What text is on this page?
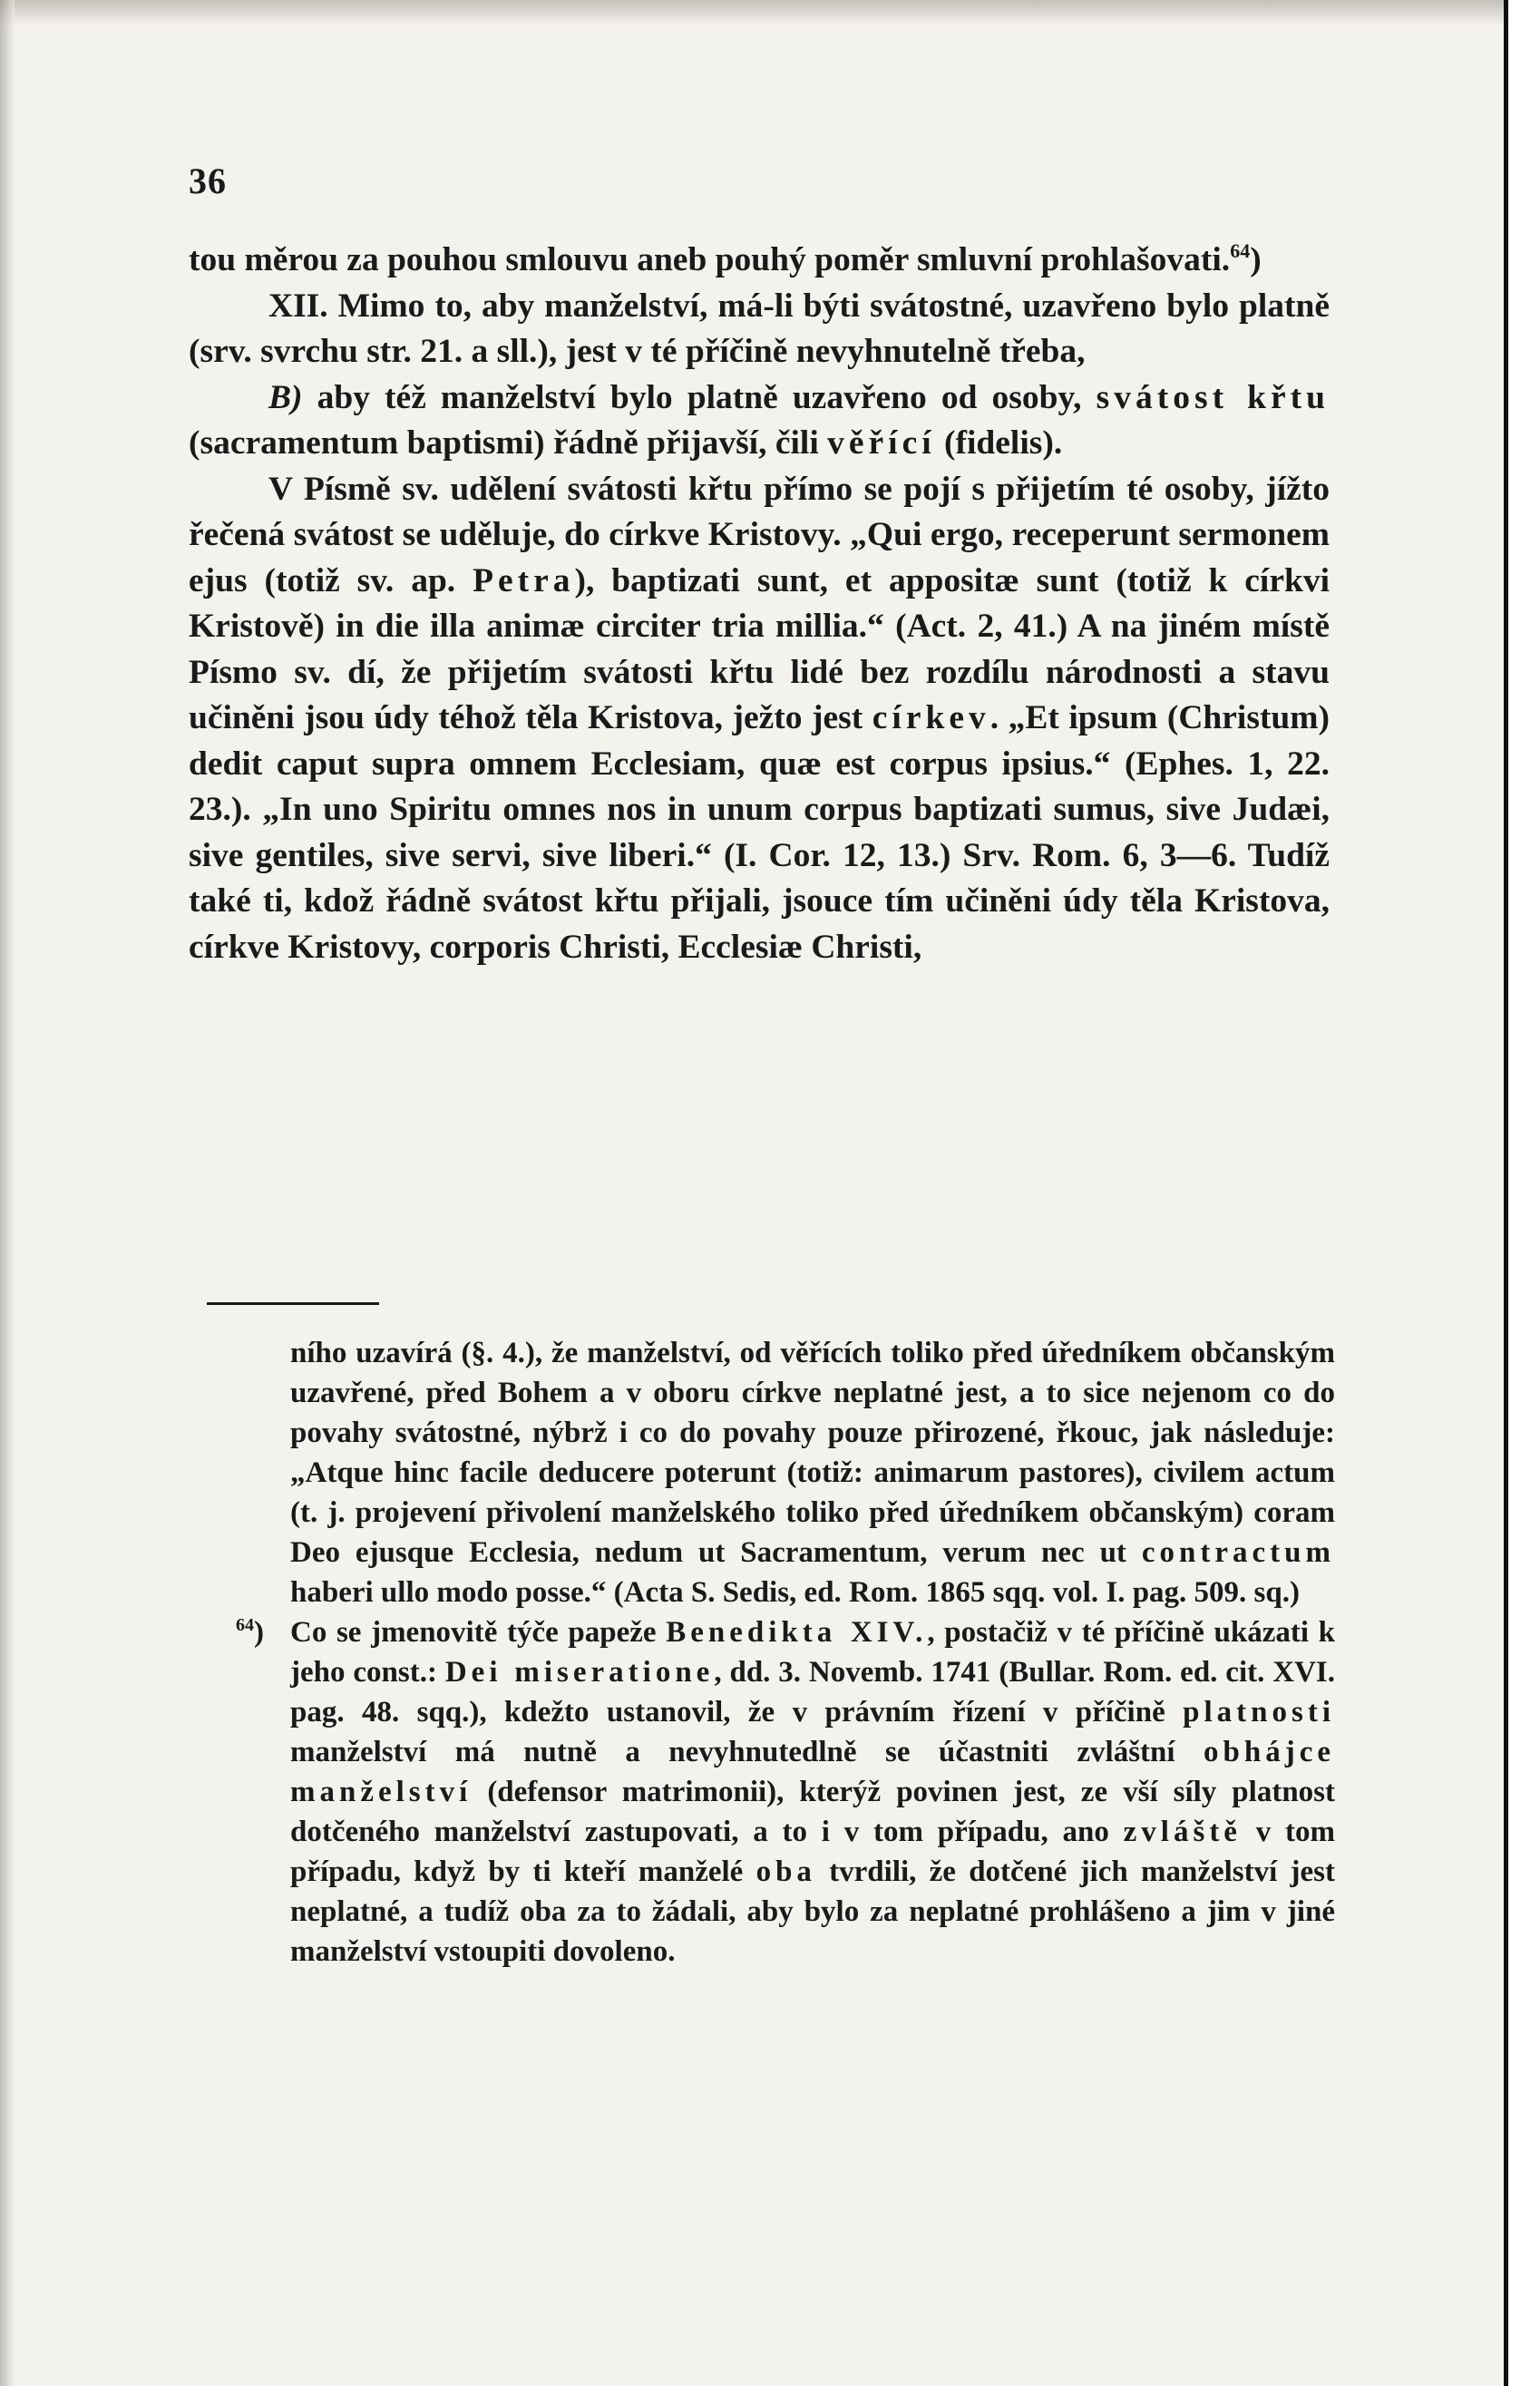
36

tou měrou za pouhou smlouvu aneb pouhý poměr smluvní prohlašovati.$^{64}$)

XII. Mimo to, aby manželství, má-li býti svátostné, uzavřeno bylo platně (srv. svrchu str. 21. a sll.), jest v té příčině nevyhnutelně třeba,

B) aby též manželství bylo platně uzavřeno od osoby, svátost křtu (sacramentum baptismi) řádně přijavší, čili věřící (fidelis).

V Písmě sv. udělení svátosti křtu přímo se pojí s přijetím té osoby, jížto řečená svátost se uděluje, do církve Kristovy. „Qui ergo, receperunt sermonem ejus (totiž sv. ap. Petra), baptizati sunt, et appositæ sunt (totiž k církvi Kristově) in die illa animæ circiter tria millia.“ (Act. 2, 41.) A na jiném místě Písmo sv. dí, že přijetím svátosti křtu lidé bez rozdílu národnosti a stavu učiněni jsou údy téhož těla Kristova, ježto jest církev. „Et ipsum (Christum) dedit caput supra omnem Ecclesiam, quæ est corpus ipsius.“ (Ephes. 1, 22. 23.). „In uno Spiritu omnes nos in unum corpus baptizati sumus, sive Judæi, sive gentiles, sive servi, sive liberi.“ (I. Cor. 12, 13.) Srv. Rom. 6, 3—6. Tudíž také ti, kdož řádně svátost křtu přijali, jsouce tím učiněni údy těla Kristova, církve Kristovy, corporis Christi, Ecclesiæ Christi,

ního uzavírá (§. 4.), že manželství, od věřících toliko před úředníkem občanským uzavřené, před Bohem a v oboru církve neplatné jest, a to sice nejenom co do povahy svátostné, nýbrž i co do povahy pouze přirozené, řkouc, jak následuje: „Atque hinc facile deducere poterunt (totiž: animarum pastores), civilem actum (t. j. projevení přivolení manželského toliko před úředníkem občanským) coram Deo ejusque Ecclesia, nedum ut Sacramentum, verum nec ut contractum haberi ullo modo posse.“ (Acta S. Sedis, ed. Rom. 1865 sqq. vol. I. pag. 509. sq.)

$^{64}$) Co se jmenovitě týče papeže Benedikta XIV., postačiž v té příčině ukázati k jeho const.: Dei miseratione, dd. 3. Novemb. 1741 (Bullar. Rom. ed. cit. XVI. pag. 48. sqq.), kdežto ustanovil, že v právním řízení v příčině platnosti manželství má nutně a nevyhnutedlně se účastniti zvláštní obhájce manželství (defensor matrimonii), kterýž povinen jest, ze vší síly platnost dotčeného manželství zastupovati, a to i v tom případu, ano zvláště v tom případu, když by ti kteří manželé oba tvrdili, že dotčené jich manželství jest neplatné, a tudíž oba za to žádali, aby bylo za neplatné prohlášeno a jim v jiné manželství vstoupiti dovoleno.
